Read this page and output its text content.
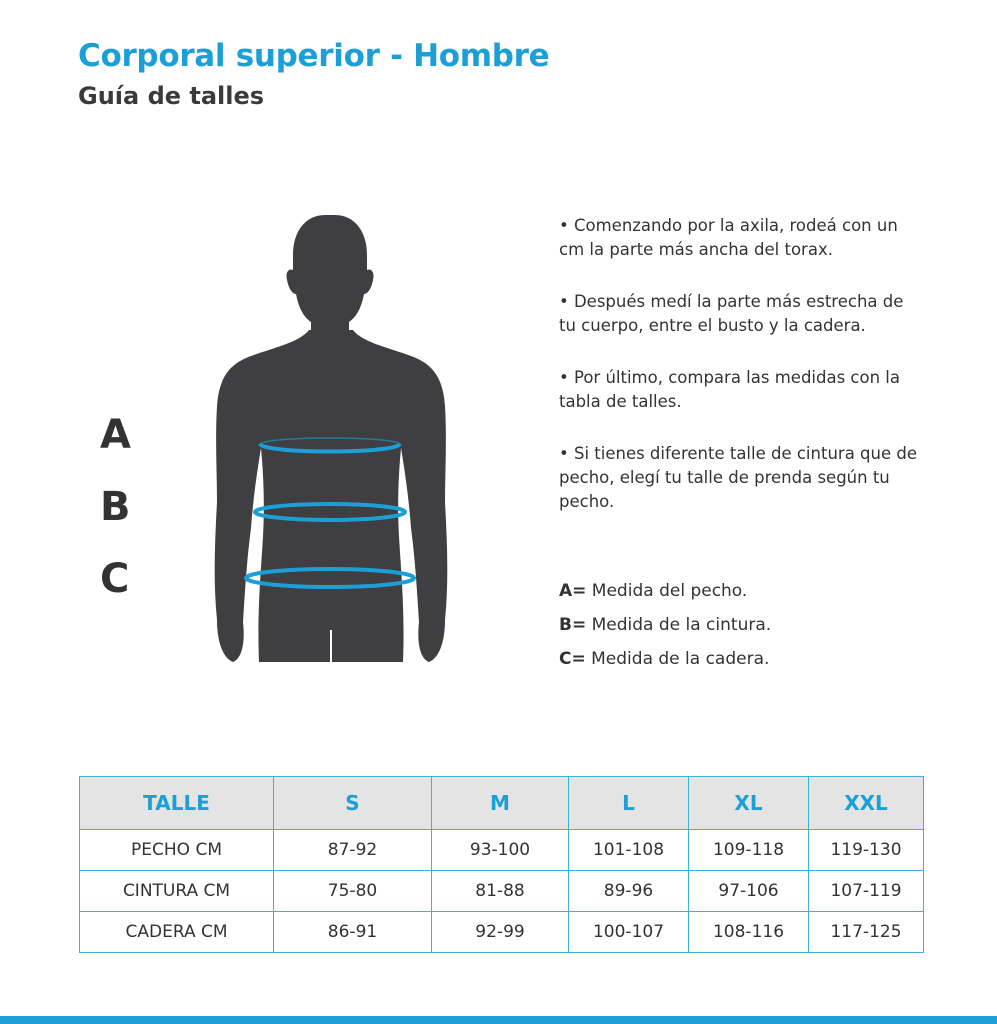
Corporal superior - Hombre
Guía de talles
A
B
C

• Comenzando por la axila, rodeá con un cm la parte más ancha del torax.

• Después medí la parte más estrecha de tu cuerpo, entre el busto y la cadera.

• Por último, compara las medidas con la tabla de talles.

• Si tienes diferente talle de cintura que de pecho, elegí tu talle de prenda según tu pecho.

A= Medida del pecho.
B= Medida de la cintura.
C= Medida de la cadera.
TALLE	S	M	L	XL	XXL
PECHO CM	87-92	93-100	101-108	109-118	119-130
CINTURA CM	75-80	81-88	89-96	97-106	107-119
CADERA CM	86-91	92-99	100-107	108-116	117-125
